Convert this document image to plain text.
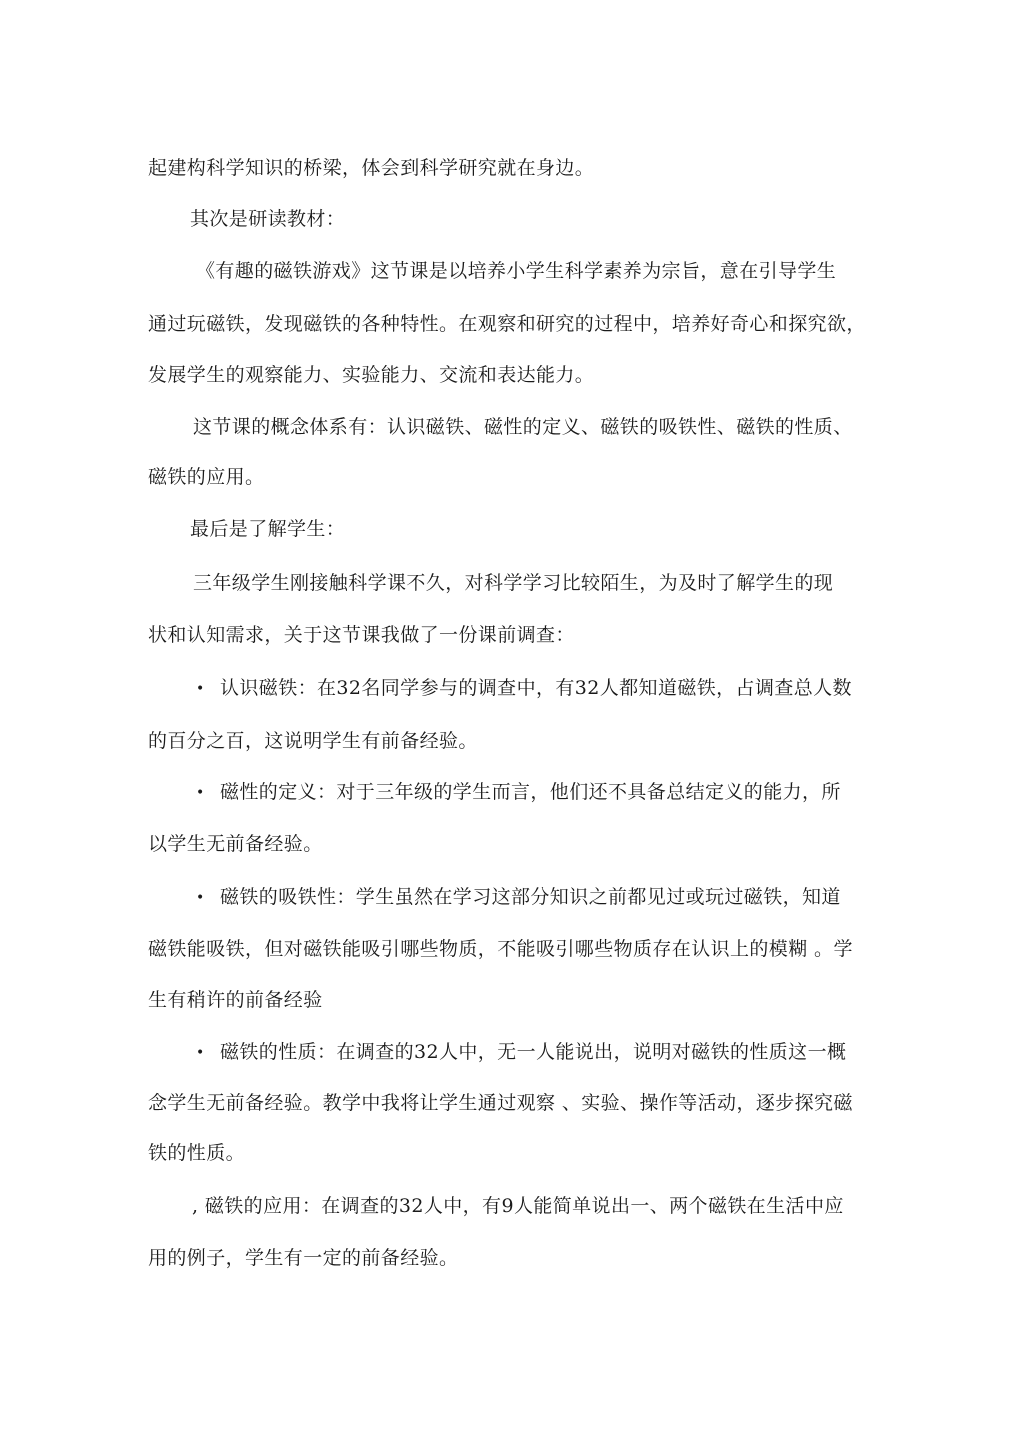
起建构科学知识的桥梁，体会到科学研究就在身边。
其次是研读教材：
《有趣的磁铁游戏》这节课是以培养小学生科学素养为宗旨，意在引导学生
通过玩磁铁，发现磁铁的各种特性。在观察和研究的过程中，培养好奇心和探究欲，
发展学生的观察能力、实验能力、交流和表达能力。
这节课的概念体系有：认识磁铁、磁性的定义、磁铁的吸铁性、磁铁的性质、
磁铁的应用。
最后是了解学生：
三年级学生刚接触科学课不久，对科学学习比较陌生，为及时了解学生的现
状和认知需求，关于这节课我做了一份课前调查：
• 认识磁铁：在32名同学参与的调查中，有32人都知道磁铁，占调查总人数
的百分之百，这说明学生有前备经验。
• 磁性的定义：对于三年级的学生而言，他们还不具备总结定义的能力，所
以学生无前备经验。
• 磁铁的吸铁性：学生虽然在学习这部分知识之前都见过或玩过磁铁，知道
磁铁能吸铁，但对磁铁能吸引哪些物质，不能吸引哪些物质存在认识上的模糊 。学
生有稍许的前备经验
• 磁铁的性质：在调查的32人中，无一人能说出，说明对磁铁的性质这一概
念学生无前备经验。教学中我将让学生通过观察 、实验、操作等活动，逐步探究磁
铁的性质。
, 磁铁的应用：在调查的32人中，有9人能简单说出一、两个磁铁在生活中应
用的例子，学生有一定的前备经验。
